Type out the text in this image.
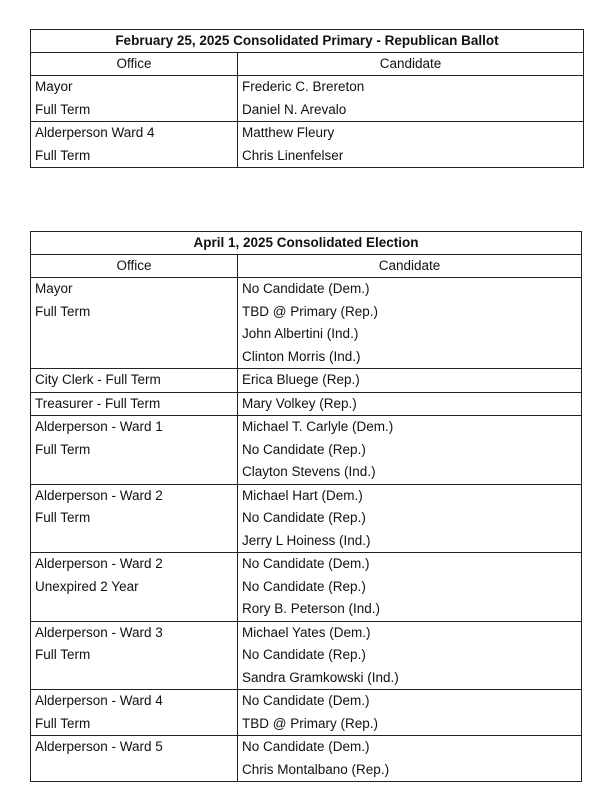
February 25, 2025 Consolidated Primary - Republican Ballot	
Office	Candidate

Mayor
Full Term	Frederic C. Brereton
Daniel N. Arevalo

Alderperson Ward 4
Full Term	Matthew Fleury
Chris Linenfelser
April 1, 2025 Consolidated Election	
Office	Candidate

Mayor
Full Term	No Candidate (Dem.)
TBD @ Primary (Rep.)
John Albertini (Ind.)
Clinton Morris (Ind.)

City Clerk - Full Term	Erica Bluege (Rep.)

Treasurer - Full Term	Mary Volkey (Rep.)

Alderperson - Ward 1
Full Term	Michael T. Carlyle (Dem.)
No Candidate (Rep.)
Clayton Stevens (Ind.)

Alderperson - Ward 2
Full Term	Michael Hart (Dem.)
No Candidate (Rep.)
Jerry L Hoiness (Ind.)

Alderperson - Ward 2
Unexpired 2 Year	No Candidate (Dem.)
No Candidate (Rep.)
Rory B. Peterson (Ind.)

Alderperson - Ward 3
Full Term	Michael Yates (Dem.)
No Candidate (Rep.)
Sandra Gramkowski (Ind.)

Alderperson - Ward 4
Full Term	No Candidate (Dem.)
TBD @ Primary (Rep.)

Alderperson - Ward 5	No Candidate (Dem.)
Chris Montalbano (Rep.)
